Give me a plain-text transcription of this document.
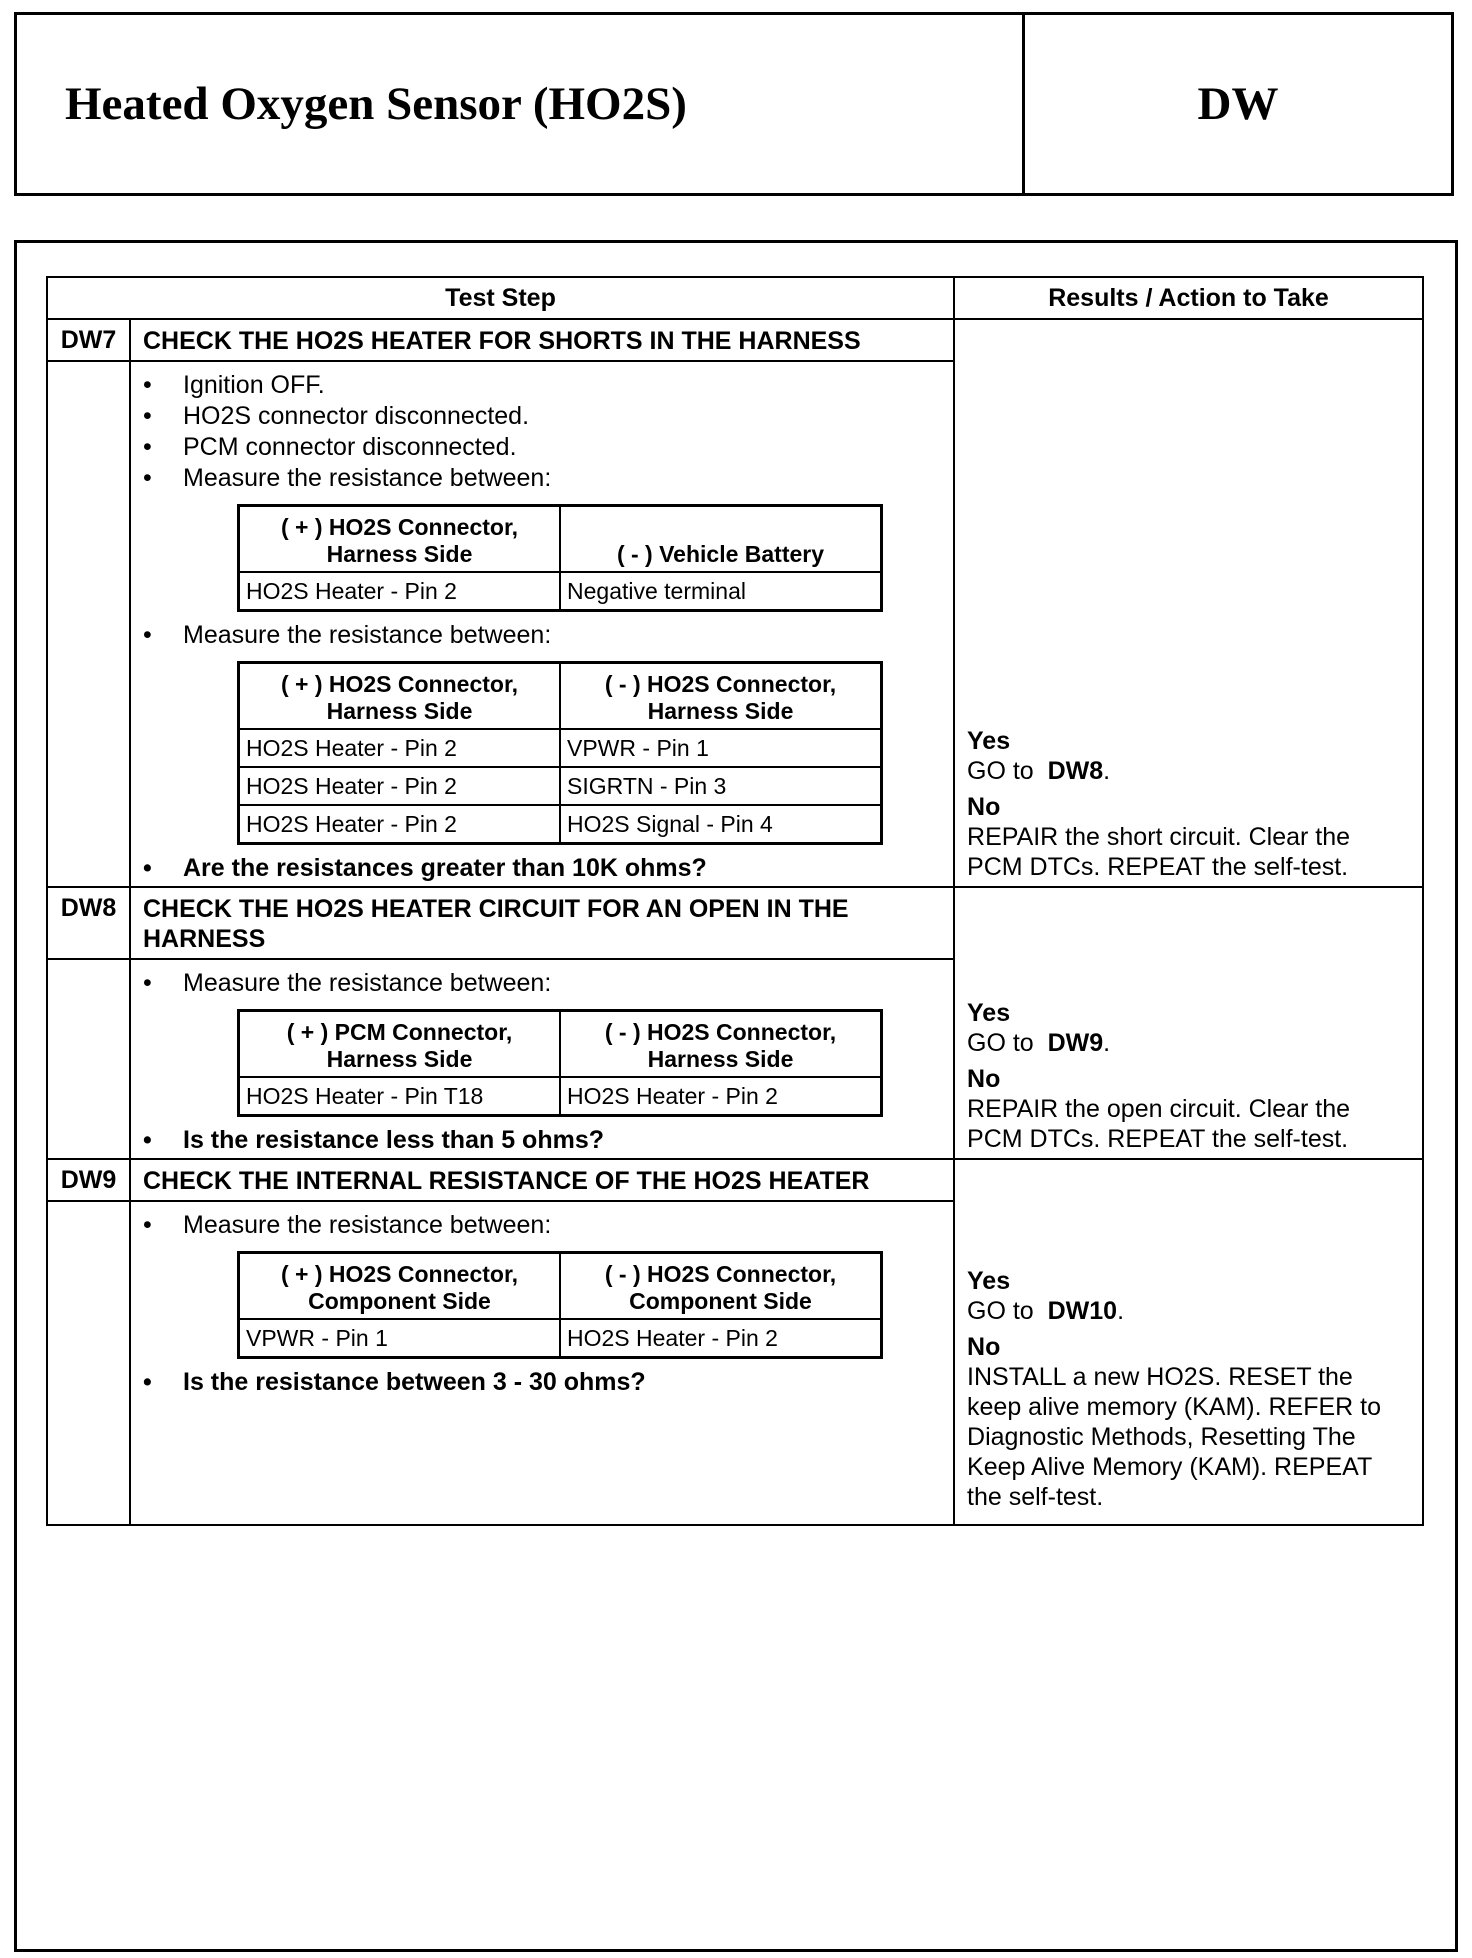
Heated Oxygen Sensor (HO2S)	DW
Test Step	Results / Action to Take
DW7	CHECK THE HO2S HEATER FOR SHORTS IN THE HARNESS	
Yes
GO to DW8.
No
REPAIR the short circuit. Clear the PCM DTCs. REPEAT the self-test.

• Ignition OFF.
• HO2S connector disconnected.
• PCM connector disconnected.
• Measure the resistance between:
( + ) HO2S Connector, Harness Side	( - ) Vehicle Battery
HO2S Heater - Pin 2	Negative terminal
• Measure the resistance between:
( + ) HO2S Connector, Harness Side	( - ) HO2S Connector, Harness Side
HO2S Heater - Pin 2	VPWR - Pin 1
HO2S Heater - Pin 2	SIGRTN - Pin 3
HO2S Heater - Pin 2	HO2S Signal - Pin 4
• Are the resistances greater than 10K ohms?

DW8	CHECK THE HO2S HEATER CIRCUIT FOR AN OPEN IN THE HARNESS	
Yes
GO to DW9.
No
REPAIR the open circuit. Clear the PCM DTCs. REPEAT the self-test.

• Measure the resistance between:
( + ) PCM Connector, Harness Side	( - ) HO2S Connector, Harness Side
HO2S Heater - Pin T18	HO2S Heater - Pin 2
• Is the resistance less than 5 ohms?

DW9	CHECK THE INTERNAL RESISTANCE OF THE HO2S HEATER	
Yes
GO to DW10.
No
INSTALL a new HO2S. RESET the keep alive memory (KAM). REFER to Diagnostic Methods, Resetting The Keep Alive Memory (KAM). REPEAT the self-test.

• Measure the resistance between:
( + ) HO2S Connector, Component Side	( - ) HO2S Connector, Component Side
VPWR - Pin 1	HO2S Heater - Pin 2
• Is the resistance between 3 - 30 ohms?
